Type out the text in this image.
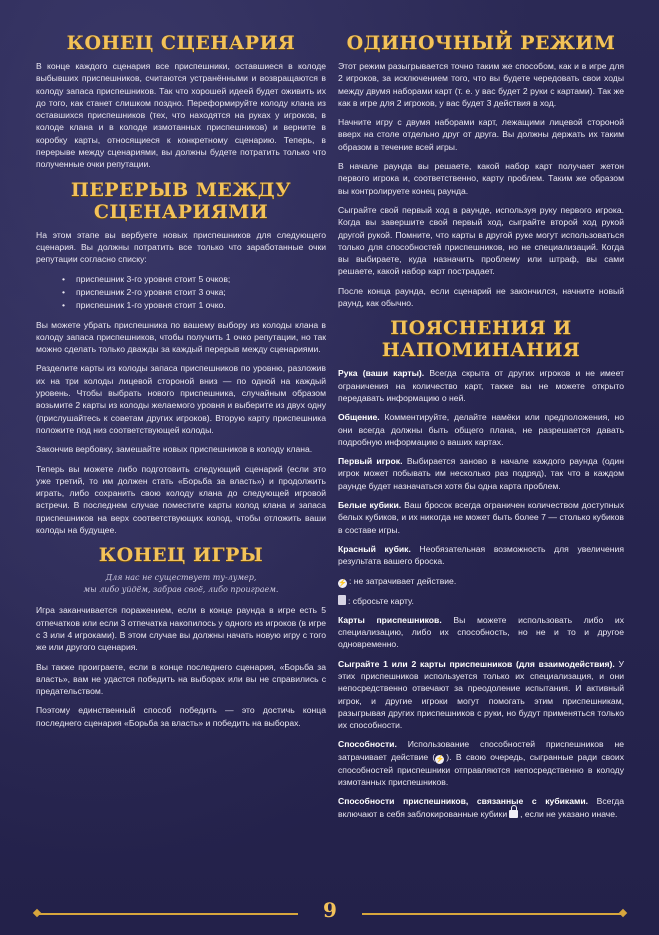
КОНЕЦ СЦЕНАРИЯ

В конце каждого сценария все приспешники, оставшиеся в колоде выбывших приспешников, считаются устранёнными и возвращаются в колоду запаса приспешников. Так что хорошей идеей будет оживить их до того, как станет слишком поздно. Переформируйте колоду клана из оставшихся приспешников (тех, что находятся на руках у игроков, в колоде клана и в колоде измотанных приспешников) и верните в коробку карты, относящиеся к конкретному сценарию. Теперь, в перерыве между сценариями, вы должны будете потратить только что полученные очки репутации.

ПЕРЕРЫВ МЕЖДУ СЦЕНАРИЯМИ

На этом этапе вы вербуете новых приспешников для следующего сценария. Вы должны потратить все только что заработанные очки репутации согласно списку:

• приспешник 3-го уровня стоит 5 очков;
• приспешник 2-го уровня стоит 3 очка;
• приспешник 1-го уровня стоит 1 очко.

Вы можете убрать приспешника по вашему выбору из колоды клана в колоду запаса приспешников, чтобы получить 1 очко репутации, но так можно сделать только дважды за каждый перерыв между сценариями.

Разделите карты из колоды запаса приспешников по уровню, разложив их на три колоды лицевой стороной вниз — по одной на каждый уровень. Чтобы выбрать нового приспешника, случайным образом возьмите 2 карты из колоды желаемого уровня и выберите из двух одну (прислушайтесь к советам других игроков). Вторую карту приспешника положите под низ соответствующей колоды.

Закончив вербовку, замешайте новых приспешников в колоду клана.

Теперь вы можете либо подготовить следующий сценарий (если это уже третий, то им должен стать «Борьба за власть») и продолжить играть, либо сохранить свою колоду клана до следующей игровой встречи. В последнем случае поместите карты колод клана и запаса приспешников на верх соответствующих колод, чтобы отложить ваши колоды на будущее.

КОНЕЦ ИГРЫ
Для нас не существует ту-лумер,
мы либо уйдём, забрав своё, либо проиграем.

Игра заканчивается поражением, если в конце раунда в игре есть 5 отпечатков или если 3 отпечатка накопилось у одного из игроков (в игре с 3 или 4 игроками). В этом случае вы должны начать новую игру с того же или другого сценария.

Вы также проиграете, если в конце последнего сценария, «Борьба за власть», вам не удастся победить на выборах или вы не справились с предательством.

Поэтому единственный способ победить — это достичь конца последнего сценария «Борьба за власть» и победить на выборах.

ОДИНОЧНЫЙ РЕЖИМ

Этот режим разыгрывается точно таким же способом, как и в игре для 2 игроков, за исключением того, что вы будете чередовать свои ходы между двумя наборами карт (т. е. у вас будет 2 руки с картами). Так же как в игре для 2 игроков, у вас будет 3 действия в ход.

Начните игру с двумя наборами карт, лежащими лицевой стороной вверх на столе отдельно друг от друга. Вы должны держать их таким образом в течение всей игры.

В начале раунда вы решаете, какой набор карт получает жетон первого игрока и, соответственно, карту проблем. Таким же образом вы контролируете конец раунда.

Сыграйте свой первый ход в раунде, используя руку первого игрока. Когда вы завершите свой первый ход, сыграйте второй ход рукой другой рукой. Помните, что карты в другой руке могут использоваться только для способностей приспешников, но не специализаций. Когда вы выбираете, куда назначить проблему или штраф, вы сами решаете, какой набор карт пострадает.

После конца раунда, если сценарий не закончился, начните новый раунд, как обычно.

ПОЯСНЕНИЯ И НАПОМИНАНИЯ

Рука (ваши карты). Всегда скрыта от других игроков и не имеет ограничения на количество карт, также вы не можете открыто передавать информацию о ней.

Общение. Комментируйте, делайте намёки или предположения, но они всегда должны быть общего плана, не разрешается давать подробную информацию о ваших картах.

Первый игрок. Выбирается заново в начале каждого раунда (один игрок может побывать им несколько раз подряд), так что в каждом раунде будет назначаться хотя бы одна карта проблем.

Белые кубики. Ваш бросок всегда ограничен количеством доступных белых кубиков, и их никогда не может быть более 7 — столько кубиков в составе игры.

Красный кубик. Необязательная возможность для увеличения результата вашего броска.

⚡ : не затрачивает действие.

: сбросьте карту.

Карты приспешников. Вы можете использовать либо их специализацию, либо их способность, но не и то и другое одновременно.

Сыграйте 1 или 2 карты приспешников (для взаимодействия). У этих приспешников используется только их специализация, и они непосредственно отвечают за преодоление испытания. И активный игрок, и другие игроки могут помогать этим приспешникам, разыгрывая других приспешников с руки, но будут применяться только их способности.

Способности. Использование способностей приспешников не затрачивает действие (⚡ ). В свою очередь, сыгранные ради своих способностей приспешники отправляются непосредственно в колоду измотанных приспешников.

Способности приспешников, связанные с кубиками. Всегда включают в себя заблокированные кубики , если не указано иначе.

9
